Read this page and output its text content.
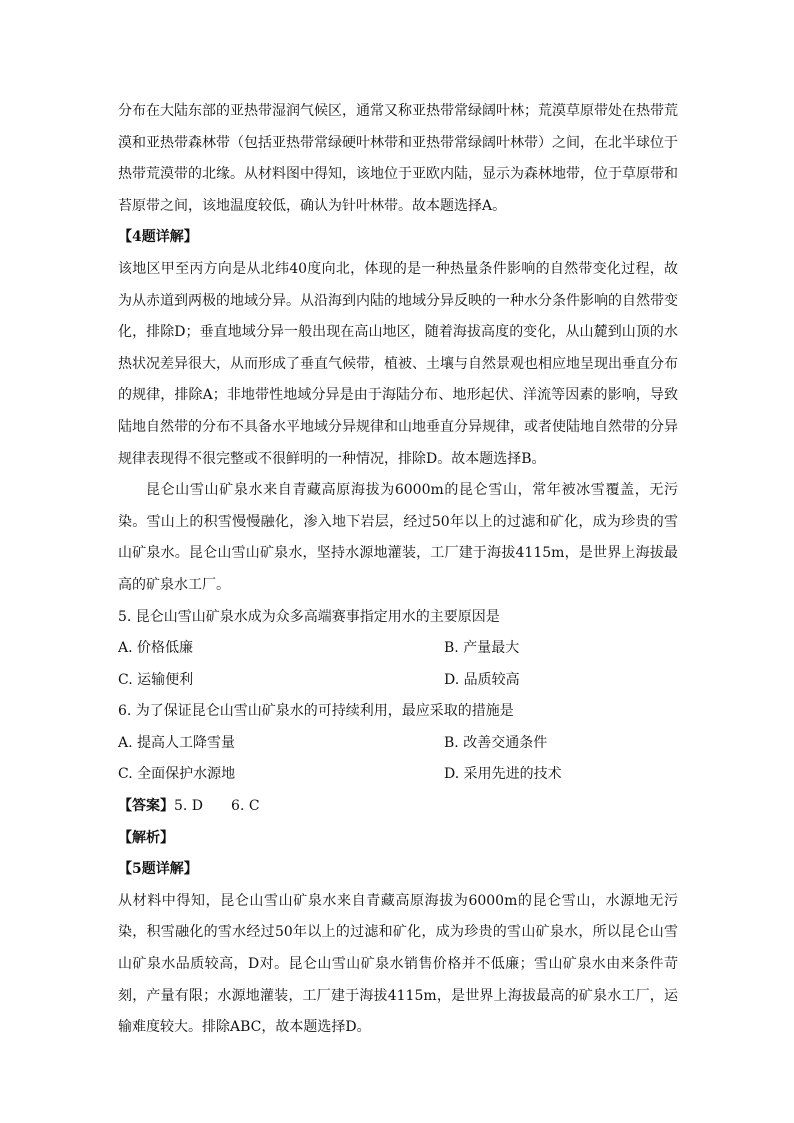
分布在大陆东部的亚热带湿润气候区，通常又称亚热带常绿阔叶林；荒漠草原带处在热带荒漠和亚热带森林带（包括亚热带常绿硬叶林带和亚热带常绿阔叶林带）之间，在北半球位于热带荒漠带的北缘。从材料图中得知，该地位于亚欧内陆，显示为森林地带，位于草原带和苔原带之间，该地温度较低，确认为针叶林带。故本题选择A。

【4题详解】

该地区甲至丙方向是从北纬40度向北，体现的是一种热量条件影响的自然带变化过程，故为从赤道到两极的地域分异。从沿海到内陆的地域分异反映的一种水分条件影响的自然带变化，排除D；垂直地域分异一般出现在高山地区，随着海拔高度的变化，从山麓到山顶的水热状况差异很大，从而形成了垂直气候带，植被、土壤与自然景观也相应地呈现出垂直分布的规律，排除A；非地带性地域分异是由于海陆分布、地形起伏、洋流等因素的影响，导致陆地自然带的分布不具备水平地域分异规律和山地垂直分异规律，或者使陆地自然带的分异规律表现得不很完整或不很鲜明的一种情况，排除D。故本题选择B。

昆仑山雪山矿泉水来自青藏高原海拔为6000m的昆仑雪山，常年被冰雪覆盖，无污染。雪山上的积雪慢慢融化，渗入地下岩层，经过50年以上的过滤和矿化，成为珍贵的雪山矿泉水。昆仑山雪山矿泉水，坚持水源地灌装，工厂建于海拔4115m，是世界上海拔最高的矿泉水工厂。

5. 昆仑山雪山矿泉水成为众多高端赛事指定用水的主要原因是

A. 价格低廉	B. 产量最大

C. 运输便利	D. 品质较高

6. 为了保证昆仑山雪山矿泉水的可持续利用，最应采取的措施是

A. 提高人工降雪量	B. 改善交通条件

C. 全面保护水源地	D. 采用先进的技术

【答案】5. D 6. C

【解析】

【5题详解】

从材料中得知，昆仑山雪山矿泉水来自青藏高原海拔为6000m的昆仑雪山，水源地无污染，积雪融化的雪水经过50年以上的过滤和矿化，成为珍贵的雪山矿泉水，所以昆仑山雪山矿泉水品质较高，D对。昆仑山雪山矿泉水销售价格并不低廉；雪山矿泉水由来条件苛刻，产量有限；水源地灌装，工厂建于海拔4115m，是世界上海拔最高的矿泉水工厂，运输难度较大。排除ABC，故本题选择D。
